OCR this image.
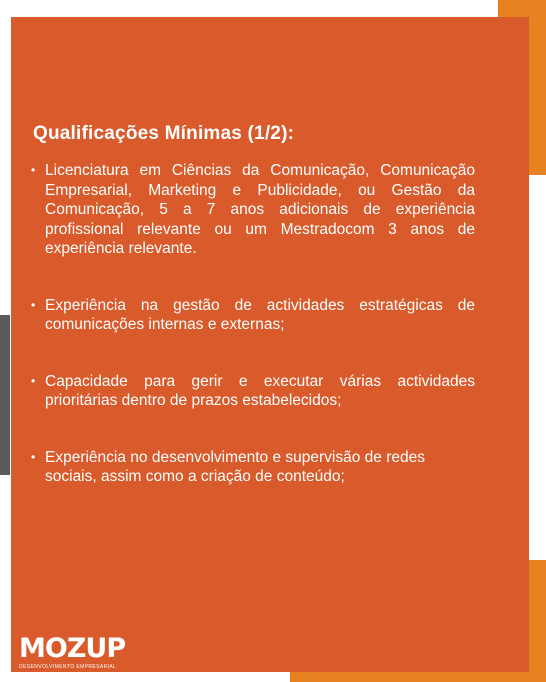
Qualificações Mínimas (1/2):
• Licenciatura em Ciências da Comunicação, Comunicação Empresarial, Marketing e Publicidade, ou Gestão da Comunicação, 5 a 7 anos adicionais de experiência profissional relevante ou um Mestradocom 3 anos de experiência relevante.
• Experiência na gestão de actividades estratégicas de comunicações internas e externas;
• Capacidade para gerir e executar várias actividades prioritárias dentro de prazos estabelecidos;
• Experiência no desenvolvimento e supervisão de redes sociais, assim como a criação de conteúdo;
MOZUP
DESENVOLVIMENTO EMPRESARIAL
